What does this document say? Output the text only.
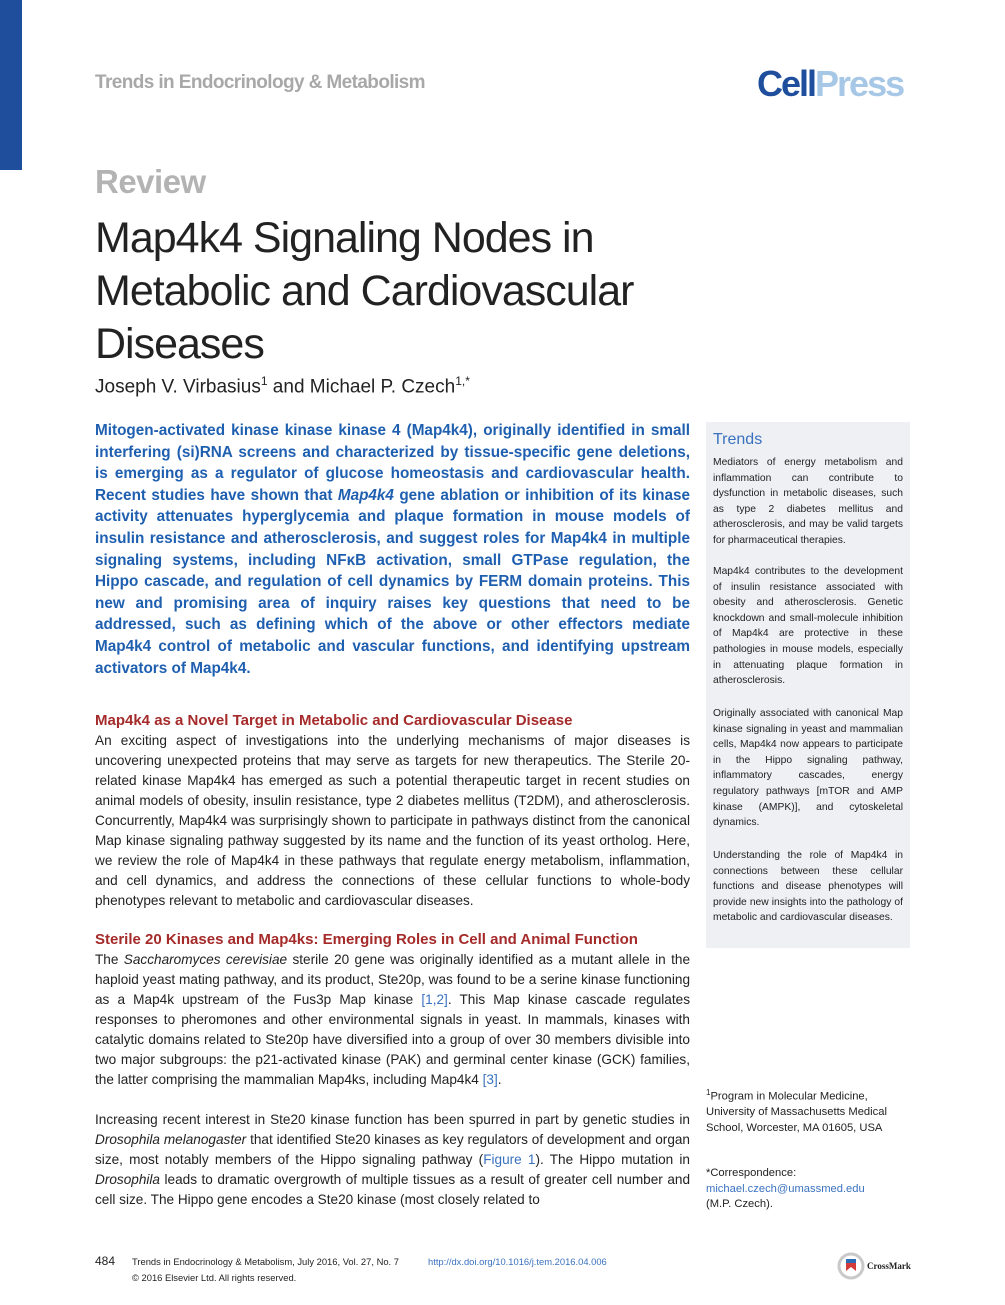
Trends in Endocrinology & Metabolism	CellPress
Review
Map4k4 Signaling Nodes in Metabolic and Cardiovascular Diseases
Joseph V. Virbasius$^1$ and Michael P. Czech$^{1,*}$
Mitogen-activated kinase kinase kinase 4 (Map4k4), originally identified in small interfering (si)RNA screens and characterized by tissue-specific gene deletions, is emerging as a regulator of glucose homeostasis and cardiovascular health. Recent studies have shown that Map4k4 gene ablation or inhibition of its kinase activity attenuates hyperglycemia and plaque formation in mouse models of insulin resistance and atherosclerosis, and suggest roles for Map4k4 in multiple signaling systems, including NFκB activation, small GTPase regulation, the Hippo cascade, and regulation of cell dynamics by FERM domain proteins. This new and promising area of inquiry raises key questions that need to be addressed, such as defining which of the above or other effectors mediate Map4k4 control of metabolic and vascular functions, and identifying upstream activators of Map4k4.
Map4k4 as a Novel Target in Metabolic and Cardiovascular Disease

An exciting aspect of investigations into the underlying mechanisms of major diseases is uncovering unexpected proteins that may serve as targets for new therapeutics. The Sterile 20-related kinase Map4k4 has emerged as such a potential therapeutic target in recent studies on animal models of obesity, insulin resistance, type 2 diabetes mellitus (T2DM), and atherosclerosis. Concurrently, Map4k4 was surprisingly shown to participate in pathways distinct from the canonical Map kinase signaling pathway suggested by its name and the function of its yeast ortholog. Here, we review the role of Map4k4 in these pathways that regulate energy metabolism, inflammation, and cell dynamics, and address the connections of these cellular functions to whole-body phenotypes relevant to metabolic and cardiovascular diseases.

Sterile 20 Kinases and Map4ks: Emerging Roles in Cell and Animal Function

The Saccharomyces cerevisiae sterile 20 gene was originally identified as a mutant allele in the haploid yeast mating pathway, and its product, Ste20p, was found to be a serine kinase functioning as a Map4k upstream of the Fus3p Map kinase [1,2]. This Map kinase cascade regulates responses to pheromones and other environmental signals in yeast. In mammals, kinases with catalytic domains related to Ste20p have diversified into a group of over 30 members divisible into two major subgroups: the p21-activated kinase (PAK) and germinal center kinase (GCK) families, the latter comprising the mammalian Map4ks, including Map4k4 [3].

Increasing recent interest in Ste20 kinase function has been spurred in part by genetic studies in Drosophila melanogaster that identified Ste20 kinases as key regulators of development and organ size, most notably members of the Hippo signaling pathway (Figure 1). The Hippo mutation in Drosophila leads to dramatic overgrowth of multiple tissues as a result of greater cell number and cell size. The Hippo gene encodes a Ste20 kinase (most closely related to

Trends

Mediators of energy metabolism and inflammation can contribute to dysfunction in metabolic diseases, such as type 2 diabetes mellitus and atherosclerosis, and may be valid targets for pharmaceutical therapies.

Map4k4 contributes to the development of insulin resistance associated with obesity and atherosclerosis. Genetic knockdown and small-molecule inhibition of Map4k4 are protective in these pathologies in mouse models, especially in attenuating plaque formation in atherosclerosis.

Originally associated with canonical Map kinase signaling in yeast and mammalian cells, Map4k4 now appears to participate in the Hippo signaling pathway, inflammatory cascades, energy regulatory pathways [mTOR and AMP kinase (AMPK)], and cytoskeletal dynamics.

Understanding the role of Map4k4 in connections between these cellular functions and disease phenotypes will provide new insights into the pathology of metabolic and cardiovascular diseases.

$^1$Program in Molecular Medicine,
University of Massachusetts Medical
School, Worcester, MA 01605, USA
*Correspondence:
michael.czech@umassmed.edu
(M.P. Czech).
484 Trends in Endocrinology & Metabolism, July 2016, Vol. 27, No. 7	http://dx.doi.org/10.1016/j.tem.2016.04.006
© 2016 Elsevier Ltd. All rights reserved.
CrossMark
